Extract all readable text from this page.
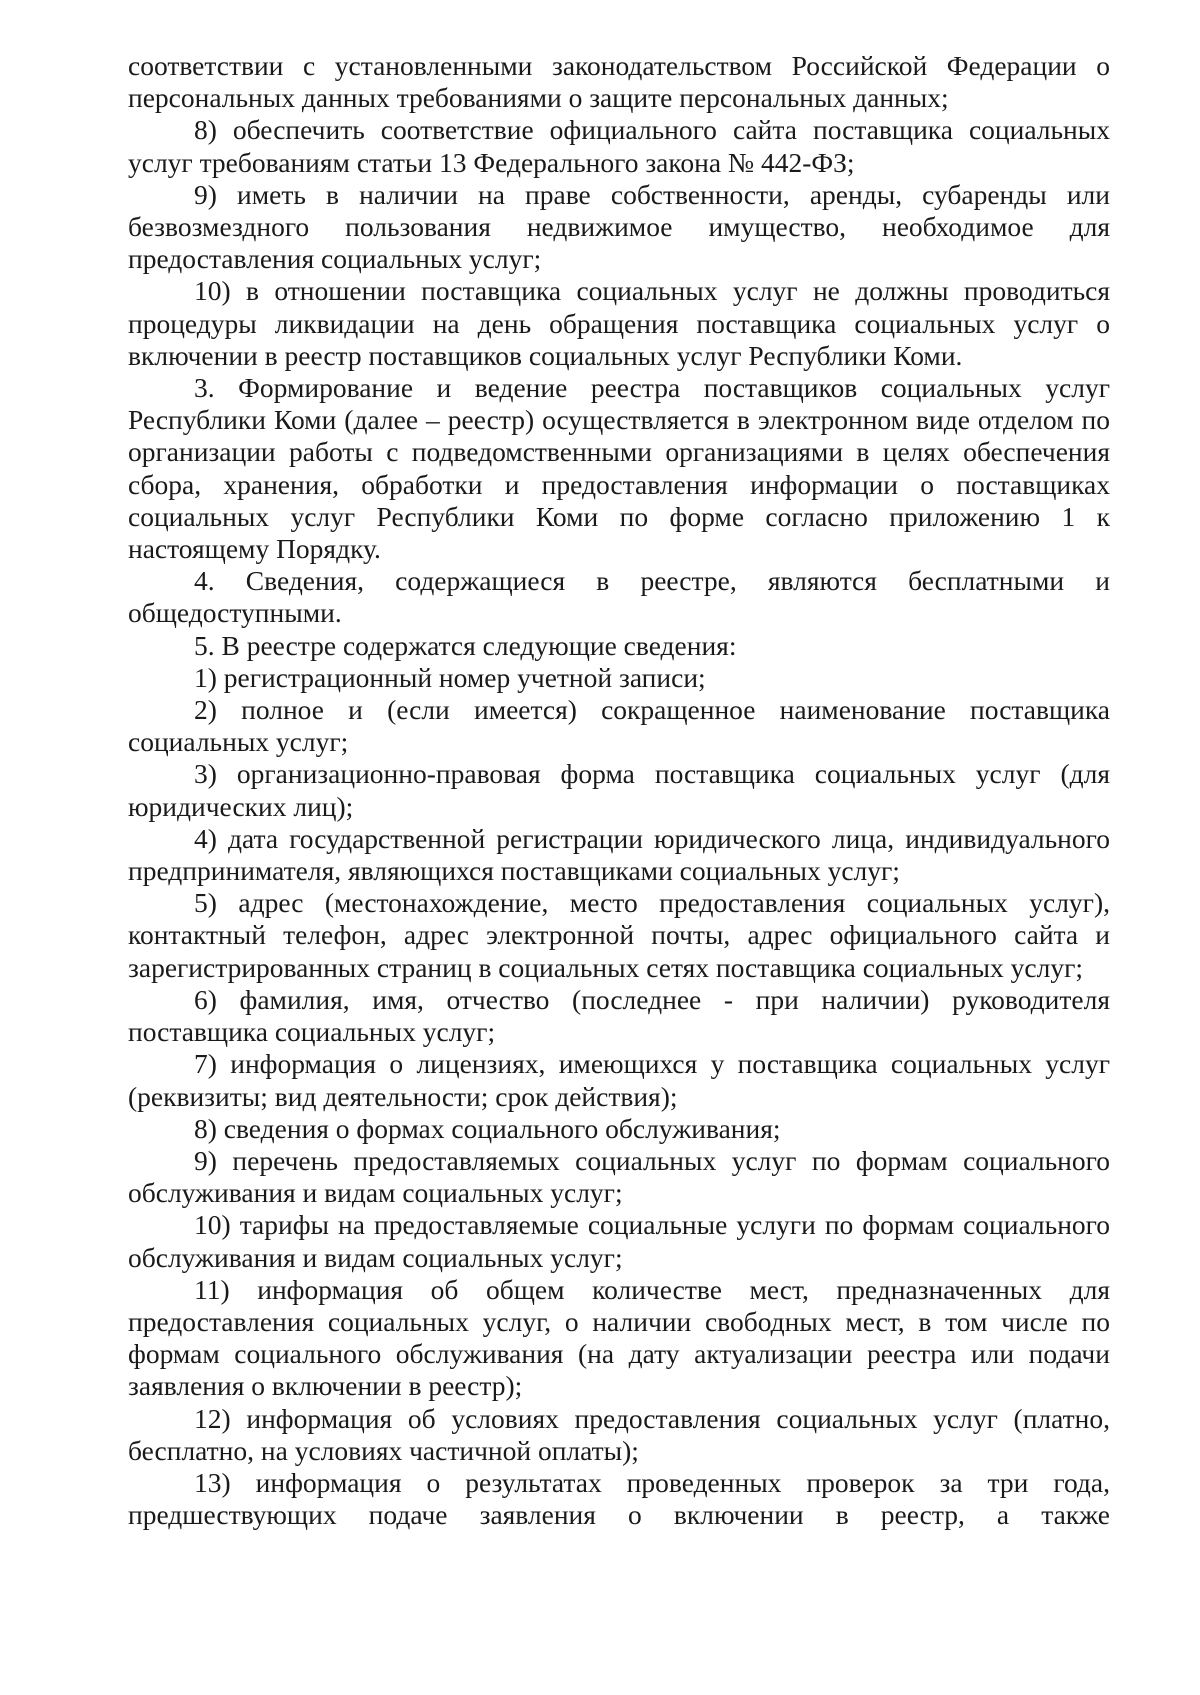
соответствии с установленными законодательством Российской Федерации о персональных данных требованиями о защите персональных данных;

8) обеспечить соответствие официального сайта поставщика социальных услуг требованиям статьи 13 Федерального закона № 442-ФЗ;

9) иметь в наличии на праве собственности, аренды, субаренды или безвозмездного пользования недвижимое имущество, необходимое для предоставления социальных услуг;

10) в отношении поставщика социальных услуг не должны проводиться процедуры ликвидации на день обращения поставщика социальных услуг о включении в реестр поставщиков социальных услуг Республики Коми.

3. Формирование и ведение реестра поставщиков социальных услуг Республики Коми (далее – реестр) осуществляется в электронном виде отделом по организации работы с подведомственными организациями в целях обеспечения сбора, хранения, обработки и предоставления информации о поставщиках социальных услуг Республики Коми по форме согласно приложению 1 к настоящему Порядку.

4. Сведения, содержащиеся в реестре, являются бесплатными и общедоступными.

5. В реестре содержатся следующие сведения:

1) регистрационный номер учетной записи;

2) полное и (если имеется) сокращенное наименование поставщика социальных услуг;

3) организационно-правовая форма поставщика социальных услуг (для юридических лиц);

4) дата государственной регистрации юридического лица, индивидуального предпринимателя, являющихся поставщиками социальных услуг;

5) адрес (местонахождение, место предоставления социальных услуг), контактный телефон, адрес электронной почты, адрес официального сайта и зарегистрированных страниц в социальных сетях поставщика социальных услуг;

6) фамилия, имя, отчество (последнее - при наличии) руководителя поставщика социальных услуг;

7) информация о лицензиях, имеющихся у поставщика социальных услуг (реквизиты; вид деятельности; срок действия);

8) сведения о формах социального обслуживания;

9) перечень предоставляемых социальных услуг по формам социального обслуживания и видам социальных услуг;

10) тарифы на предоставляемые социальные услуги по формам социального обслуживания и видам социальных услуг;

11) информация об общем количестве мест, предназначенных для предоставления социальных услуг, о наличии свободных мест, в том числе по формам социального обслуживания (на дату актуализации реестра или подачи заявления о включении в реестр);

12) информация об условиях предоставления социальных услуг (платно, бесплатно, на условиях частичной оплаты);

13) информация о результатах проведенных проверок за три года, предшествующих подаче заявления о включении в реестр, а также
